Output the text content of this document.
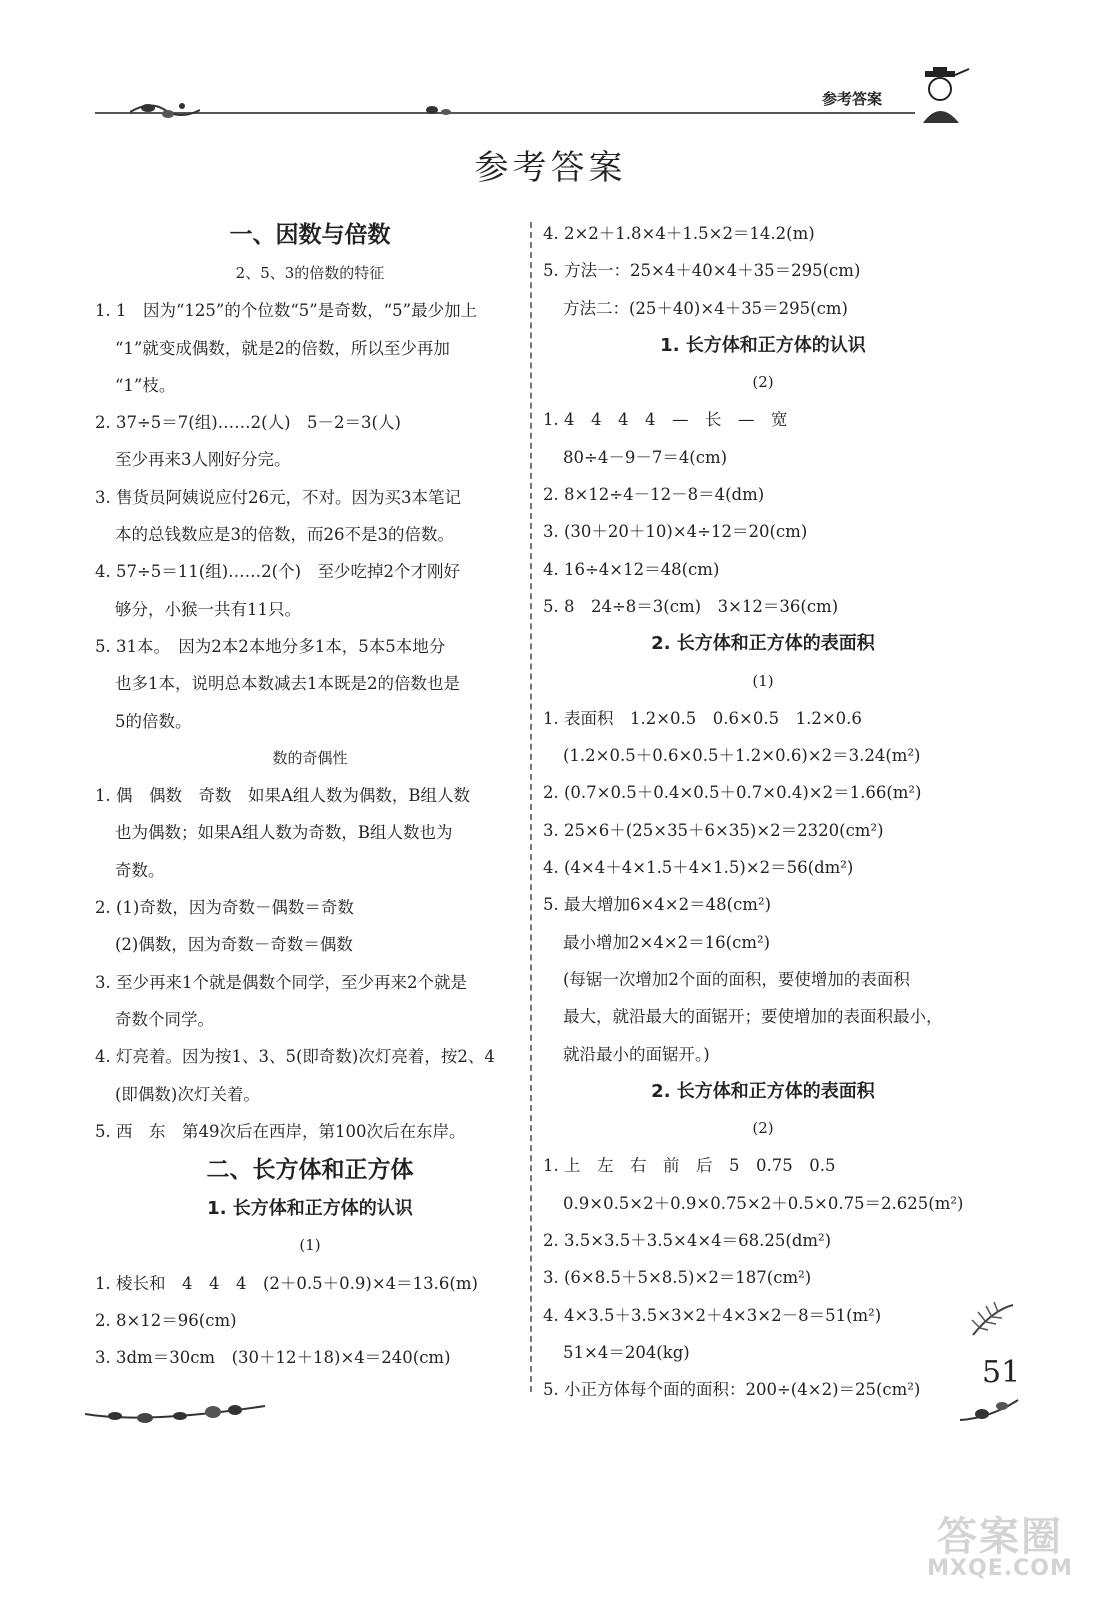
参考答案
参考答案
一、因数与倍数
2、5、3的倍数的特征
1. 1　因为“125”的个位数“5”是奇数，“5”最少加上
“1”就变成偶数，就是2的倍数，所以至少再加
“1”枝。
2. 37÷5＝7(组)……2(人)　5－2＝3(人)
至少再来3人刚好分完。
3. 售货员阿姨说应付26元，不对。因为买3本笔记
本的总钱数应是3的倍数，而26不是3的倍数。
4. 57÷5＝11(组)……2(个)　至少吃掉2个才刚好
够分，小猴一共有11只。
5. 31本。　因为2本2本地分多1本，5本5本地分
也多1本，说明总本数减去1本既是2的倍数也是
5的倍数。
数的奇偶性
1. 偶　偶数　奇数　如果A组人数为偶数，B组人数
也为偶数；如果A组人数为奇数，B组人数也为
奇数。
2. (1)奇数，因为奇数－偶数＝奇数
(2)偶数，因为奇数－奇数＝偶数
3. 至少再来1个就是偶数个同学，至少再来2个就是
奇数个同学。
4. 灯亮着。因为按1、3、5(即奇数)次灯亮着，按2、4
(即偶数)次灯关着。
5. 西　东　第49次后在西岸，第100次后在东岸。
二、长方体和正方体
1. 长方体和正方体的认识
(1)
1. 棱长和　4　4　4　(2＋0.5＋0.9)×4＝13.6(m)
2. 8×12＝96(cm)
3. 3dm＝30cm　(30＋12＋18)×4＝240(cm)
4. 2×2＋1.8×4＋1.5×2＝14.2(m)
5. 方法一：25×4＋40×4＋35＝295(cm)
方法二：(25＋40)×4＋35＝295(cm)
1. 长方体和正方体的认识
(2)
1. 4　4　4　4　—　长　—　宽
80÷4－9－7＝4(cm)
2. 8×12÷4－12－8＝4(dm)
3. (30＋20＋10)×4÷12＝20(cm)
4. 16÷4×12＝48(cm)
5. 8　24÷8＝3(cm)　3×12＝36(cm)
2. 长方体和正方体的表面积
(1)
1. 表面积　1.2×0.5　0.6×0.5　1.2×0.6
(1.2×0.5＋0.6×0.5＋1.2×0.6)×2＝3.24(m²)
2. (0.7×0.5＋0.4×0.5＋0.7×0.4)×2＝1.66(m²)
3. 25×6＋(25×35＋6×35)×2＝2320(cm²)
4. (4×4＋4×1.5＋4×1.5)×2＝56(dm²)
5. 最大增加6×4×2＝48(cm²)
最小增加2×4×2＝16(cm²)
(每锯一次增加2个面的面积，要使增加的表面积
最大，就沿最大的面锯开；要使增加的表面积最小，
就沿最小的面锯开。)
2. 长方体和正方体的表面积
(2)
1. 上　左　右　前　后　5　0.75　0.5
0.9×0.5×2＋0.9×0.75×2＋0.5×0.75＝2.625(m²)
2. 3.5×3.5＋3.5×4×4＝68.25(dm²)
3. (6×8.5＋5×8.5)×2＝187(cm²)
4. 4×3.5＋3.5×3×2＋4×3×2－8＝51(m²)
51×4＝204(kg)
5. 小正方体每个面的面积：200÷(4×2)＝25(cm²)	51
答案圈
MXQE.COM
